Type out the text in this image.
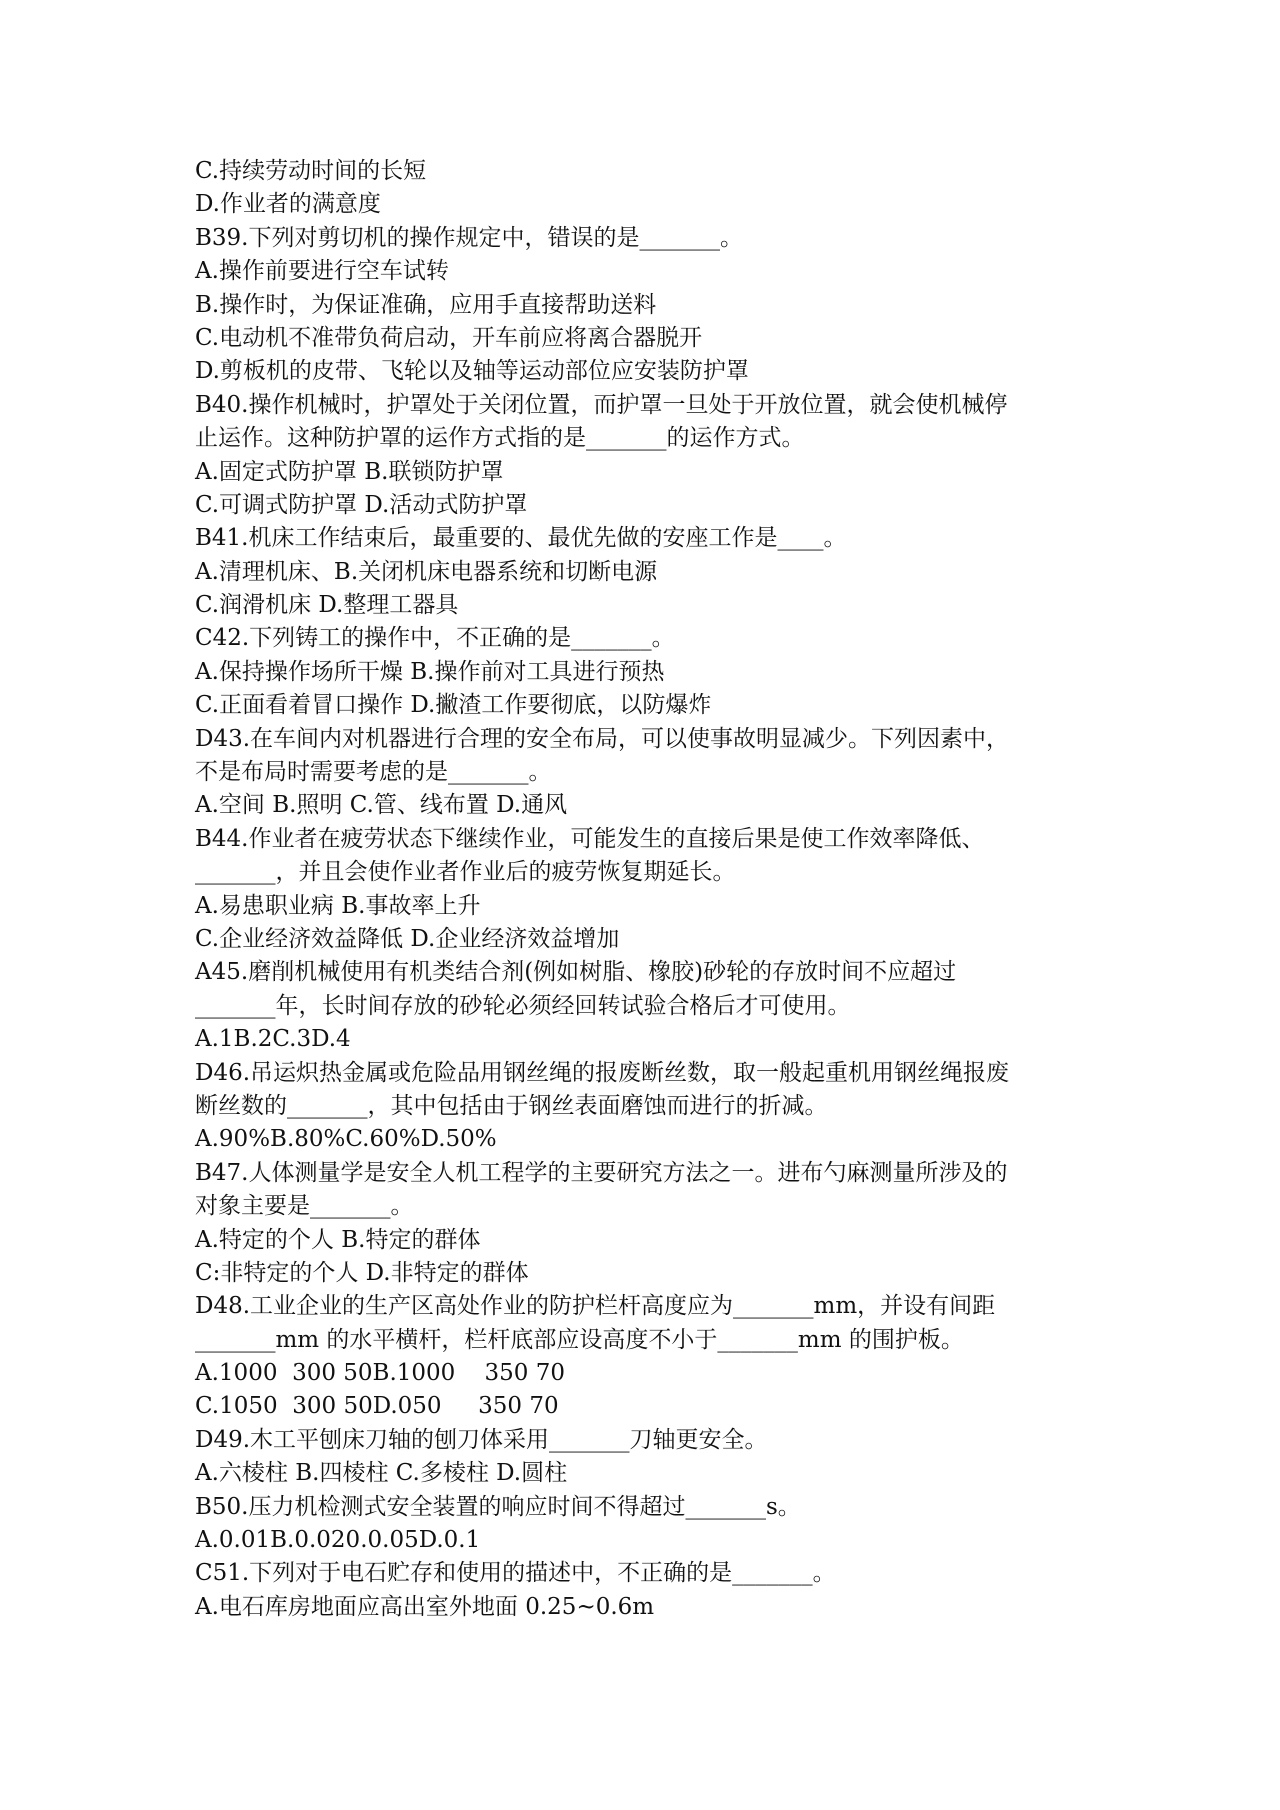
C.持续劳动时间的长短
D.作业者的满意度
B39.下列对剪切机的操作规定中，错误的是_______。
A.操作前要进行空车试转
B.操作时，为保证准确，应用手直接帮助送料
C.电动机不准带负荷启动，开车前应将离合器脱开
D.剪板机的皮带、飞轮以及轴等运动部位应安装防护罩
B40.操作机械时，护罩处于关闭位置，而护罩一旦处于开放位置，就会使机械停
止运作。这种防护罩的运作方式指的是_______的运作方式。
A.固定式防护罩 B.联锁防护罩
C.可调式防护罩 D.活动式防护罩
B41.机床工作结束后，最重要的、最优先做的安座工作是____。
A.清理机床、B.关闭机床电器系统和切断电源
C.润滑机床 D.整理工器具
C42.下列铸工的操作中，不正确的是_______。
A.保持操作场所干燥 B.操作前对工具进行预热
C.正面看着冒口操作 D.撇渣工作要彻底，以防爆炸
D43.在车间内对机器进行合理的安全布局，可以使事故明显减少。下列因素中，
不是布局时需要考虑的是_______。
A.空间 B.照明 C.管、线布置 D.通风
B44.作业者在疲劳状态下继续作业，可能发生的直接后果是使工作效率降低、
_______，并且会使作业者作业后的疲劳恢复期延长。
A.易患职业病 B.事故率上升
C.企业经济效益降低 D.企业经济效益增加
A45.磨削机械使用有机类结合剂(例如树脂、橡胶)砂轮的存放时间不应超过
_______年，长时间存放的砂轮必须经回转试验合格后才可使用。
A.1B.2C.3D.4
D46.吊运炽热金属或危险品用钢丝绳的报废断丝数，取一般起重机用钢丝绳报废
断丝数的_______，其中包括由于钢丝表面磨蚀而进行的折减。
A.90%B.80%C.60%D.50%
B47.人体测量学是安全人机工程学的主要研究方法之一。进布勺麻测量所涉及的
对象主要是_______。
A.特定的个人 B.特定的群体
C:非特定的个人 D.非特定的群体
D48.工业企业的生产区高处作业的防护栏杆高度应为_______mm，并设有间距
_______mm 的水平横杆，栏杆底部应设高度不小于_______mm 的围护板。
A.1000  300 50B.1000    350 70
C.1050  300 50D.050     350 70
D49.木工平刨床刀轴的刨刀体采用_______刀轴更安全。
A.六棱柱 B.四棱柱 C.多棱柱 D.圆柱
B50.压力机检测式安全装置的响应时间不得超过_______s。
A.0.01B.0.020.0.05D.0.1
C51.下列对于电石贮存和使用的描述中，不正确的是_______。
A.电石库房地面应高出室外地面 0.25~0.6m
